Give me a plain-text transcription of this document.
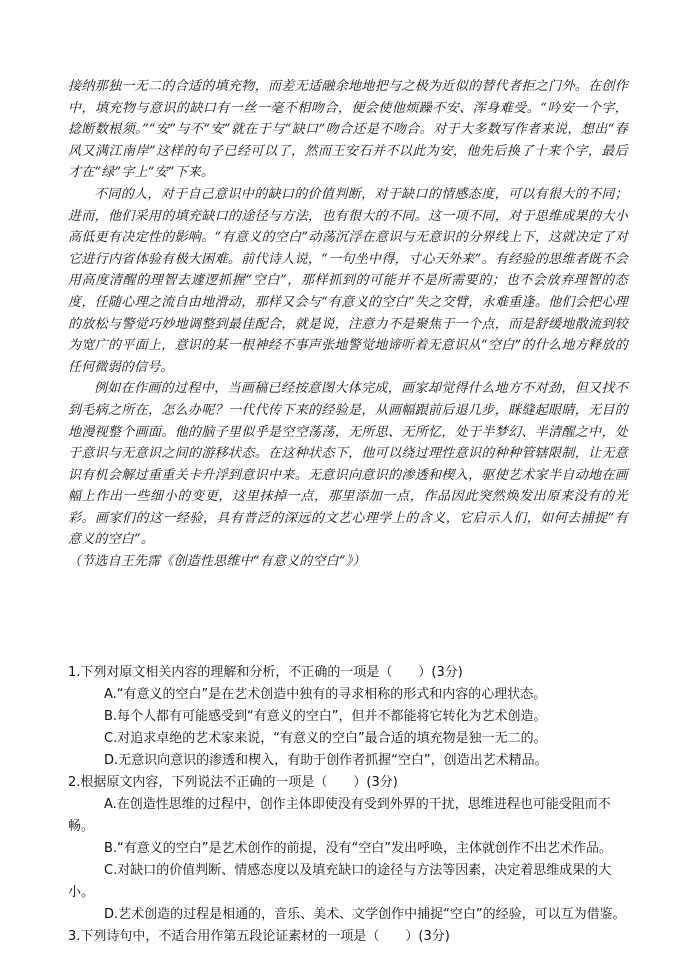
接纳那独一无二的合适的填充物，而差无适融余地地把与之极为近似的替代者拒之门外。在创作中，填充物与意识的缺口有一丝一毫不相吻合，便会使他烦躁不安、浑身难受。“吟安一个字，捻断数根须。”“安”与不“安”就在于与“缺口”吻合还是不吻合。对于大多数写作者来说，想出“春风又满江南岸”这样的句子已经可以了，然而王安石并不以此为安，他先后换了十来个字，最后才在“绿”字上“安”下来。

不同的人，对于自己意识中的缺口的价值判断，对于缺口的情感态度，可以有很大的不同；进而，他们采用的填充缺口的途径与方法，也有很大的不同。这一项不同，对于思维成果的大小高低更有决定性的影响。“有意义的空白”动荡沉浮在意识与无意识的分界线上下，这就决定了对它进行内省体验有极大困难。前代诗人说，“一句坐中得，寸心天外来”。有经验的思维者既不会用高度清醒的理智去遽逻抓握“空白”，那样抓到的可能并不是所需要的；也不会放弃理智的态度，任随心理之流自由地滑动，那样又会与“有意义的空白”失之交臂，永难重逢。他们会把心理的放松与警觉巧妙地调整到最佳配合，就是说，注意力不是聚焦于一个点，而是舒缓地散流到较为宽广的平面上，意识的某一根神经不事声张地警觉地谛听着无意识从“空白”的什么地方释放的任何微弱的信号。

例如在作画的过程中，当画稿已经按意图大体完成，画家却觉得什么地方不对劲，但又找不到毛病之所在，怎么办呢？一代代传下来的经验是，从画幅跟前后退几步，眯缝起眼睛，无目的地漫视整个画面。他的脑子里似乎是空空荡荡，无所思、无所忆，处于半梦幻、半清醒之中，处于意识与无意识之间的游移状态。在这种状态下，他可以绕过理性意识的种种管辖限制，让无意识有机会解过重重关卡升浮到意识中来。无意识向意识的渗透和楔入，驱使艺术家半自动地在画幅上作出一些细小的变更，这里抹掉一点，那里添加一点，作品因此突然焕发出原来没有的光彩。画家们的这一经验，具有普泛的深远的文艺心理学上的含义，它启示人们，如何去捕捉“有意义的空白”。

（节选自王先霈《创造性思维中“有意义的空白”》）

1.下列对原文相关内容的理解和分析，不正确的一项是（　　）(3分)

A.“有意义的空白”是在艺术创造中独有的寻求相称的形式和内容的心理状态。

B.每个人都有可能感受到“有意义的空白”，但并不都能将它转化为艺术创造。

C.对追求卓绝的艺术家来说，“有意义的空白”最合适的填充物是独一无二的。

D.无意识向意识的渗透和楔入，有助于创作者抓握“空白”，创造出艺术精品。

2.根据原文内容，下列说法不正确的一项是（　　）(3分)

A.在创造性思维的过程中，创作主体即使没有受到外界的干扰，思维进程也可能受阻而不畅。

B.“有意义的空白”是艺术创作的前提，没有“空白”发出呼唤，主体就创作不出艺术作品。

C.对缺口的价值判断、情感态度以及填充缺口的途径与方法等因素，决定着思维成果的大小。

D.艺术创造的过程是相通的，音乐、美术、文学创作中捕捉“空白”的经验，可以互为借鉴。

3.下列诗句中，不适合用作第五段论证素材的一项是（　　）(3分)
